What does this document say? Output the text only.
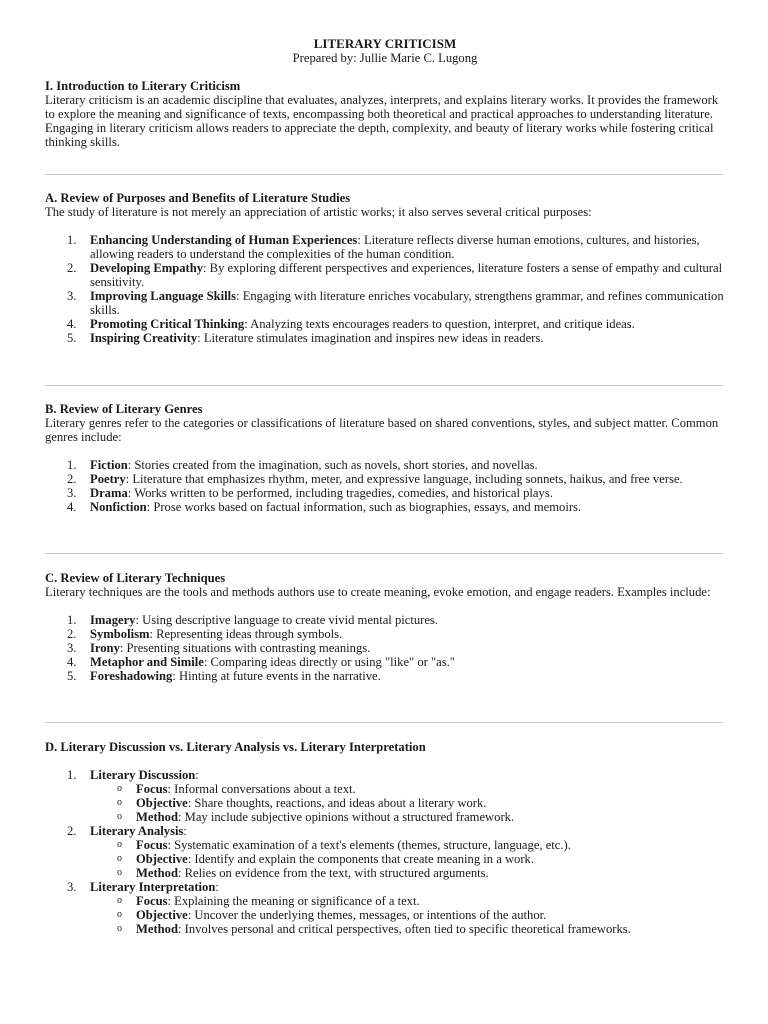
LITERARY CRITICISM

Prepared by: Jullie Marie C. Lugong

I. Introduction to Literary Criticism

Literary criticism is an academic discipline that evaluates, analyzes, interprets, and explains literary works. It provides the framework to explore the meaning and significance of texts, encompassing both theoretical and practical approaches to understanding literature. Engaging in literary criticism allows readers to appreciate the depth, complexity, and beauty of literary works while fostering critical thinking skills.

A. Review of Purposes and Benefits of Literature Studies

The study of literature is not merely an appreciation of artistic works; it also serves several critical purposes:

1. Enhancing Understanding of Human Experiences: Literature reflects diverse human emotions, cultures, and histories, allowing readers to understand the complexities of the human condition.
2. Developing Empathy: By exploring different perspectives and experiences, literature fosters a sense of empathy and cultural sensitivity.
3. Improving Language Skills: Engaging with literature enriches vocabulary, strengthens grammar, and refines communication skills.
4. Promoting Critical Thinking: Analyzing texts encourages readers to question, interpret, and critique ideas.
5. Inspiring Creativity: Literature stimulates imagination and inspires new ideas in readers.

B. Review of Literary Genres

Literary genres refer to the categories or classifications of literature based on shared conventions, styles, and subject matter. Common genres include:

1. Fiction: Stories created from the imagination, such as novels, short stories, and novellas.
2. Poetry: Literature that emphasizes rhythm, meter, and expressive language, including sonnets, haikus, and free verse.
3. Drama: Works written to be performed, including tragedies, comedies, and historical plays.
4. Nonfiction: Prose works based on factual information, such as biographies, essays, and memoirs.

C. Review of Literary Techniques

Literary techniques are the tools and methods authors use to create meaning, evoke emotion, and engage readers. Examples include:

1. Imagery: Using descriptive language to create vivid mental pictures.
2. Symbolism: Representing ideas through symbols.
3. Irony: Presenting situations with contrasting meanings.
4. Metaphor and Simile: Comparing ideas directly or using "like" or "as."
5. Foreshadowing: Hinting at future events in the narrative.

D. Literary Discussion vs. Literary Analysis vs. Literary Interpretation

1. Literary Discussion:
o Focus: Informal conversations about a text.
o Objective: Share thoughts, reactions, and ideas about a literary work.
o Method: May include subjective opinions without a structured framework.
2. Literary Analysis:
o Focus: Systematic examination of a text's elements (themes, structure, language, etc.).
o Objective: Identify and explain the components that create meaning in a work.
o Method: Relies on evidence from the text, with structured arguments.
3. Literary Interpretation:
o Focus: Explaining the meaning or significance of a text.
o Objective: Uncover the underlying themes, messages, or intentions of the author.
o Method: Involves personal and critical perspectives, often tied to specific theoretical frameworks.
